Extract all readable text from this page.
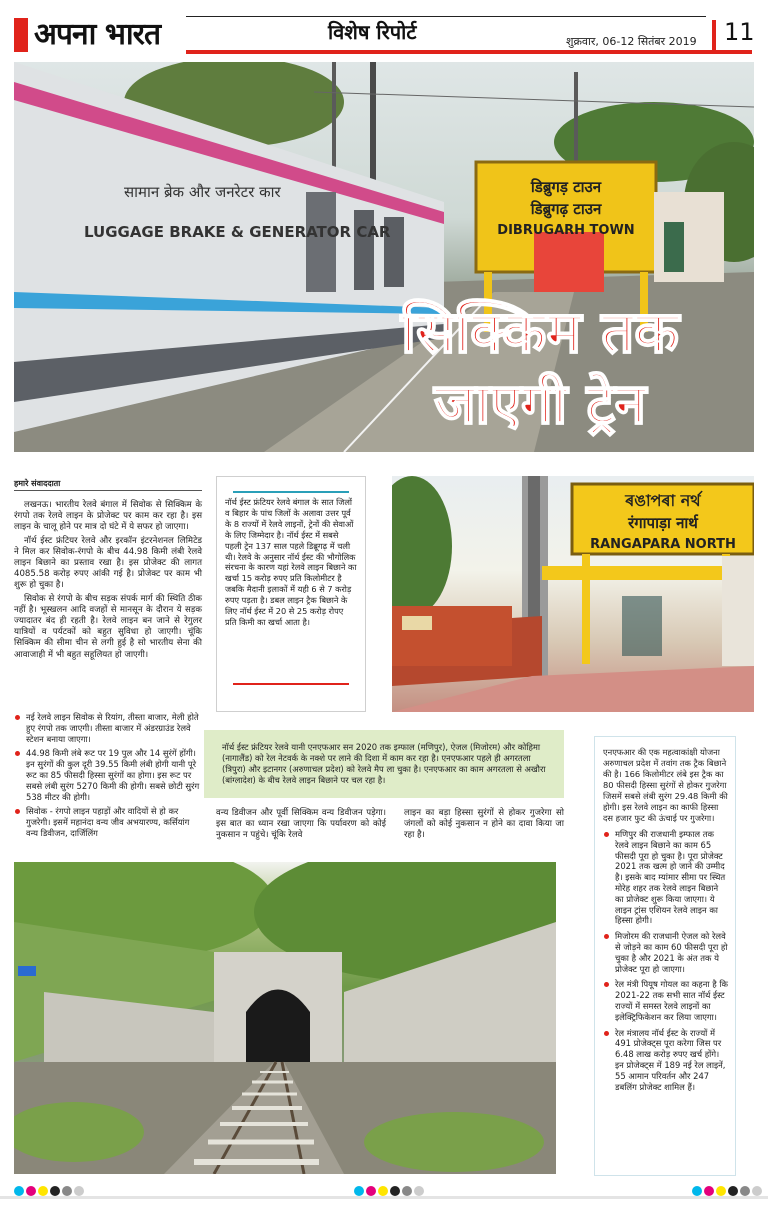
अपना भारत	विशेष रिपोर्ट	शुक्रवार, 06-12 सितंबर 2019 11
सामान ब्रेक और जनरेटर कार
LUGGAGE BRAKE & GENERATOR CAR
डिब्रुगड़ टाउन
डिब्रुगढ़ टाउन
DIBRUGARH TOWN
सिक्किम तक
जाएगी ट्रेन
हमारे संवाददाता

लखनऊ। भारतीय रेलवे बंगाल में सिवोक से सिक्किम के रंगपो तक रेलवे लाइन के प्रोजेक्ट पर काम कर रहा है। इस लाइन के चालू होने पर मात्र दो घंटे में ये सफर हो जाएगा।

नॉर्थ ईस्ट फ्रंटियर रेलवे और इरकॉन इंटरनेशनल लिमिटेड ने मिल कर सिवोक-रंगपो के बीच 44.98 किमी लंबी रेलवे लाइन बिछाने का प्रस्ताव रखा है। इस प्रोजेक्ट की लागत 4085.58 करोड़ रुपए आंकी गई है। प्रोजेक्ट पर काम भी शुरू हो चुका है।

सिवोक से रंगपो के बीच सड़क संपर्क मार्ग की स्थिति ठीक नहीं है। भूस्खलन आदि वजहों से मानसून के दौरान ये सड़क ज्यादातर बंद ही रहती है। रेलवे लाइन बन जाने से रेगुलर यात्रियों व पर्यटकों को बहुत सुविधा हो जाएगी। चूंकि सिक्किम की सीमा चीन से लगी हुई है सो भारतीय सेना की आवाजाही में भी बहुत सहूलियत हो जाएगी।

नई रेलवे लाइन सिवोक से रियांग, तीस्ता बाजार, मेली होते हुए रंगपो तक जाएगी। तीस्ता बाजार में अंडरग्राउंड रेलवे स्टेशन बनाया जाएगा।
44.98 किमी लंबे रूट पर 19 पुल और 14 सुरंगें होंगी। इन सुरंगों की कुल दूरी 39.55 किमी लंबी होगी यानी पूरे रूट का 85 फीसदी हिस्सा सुरंगों का होगा। इस रूट पर सबसे लंबी सुरंग 5270 किमी की होगी। सबसे छोटी सुरंग 538 मीटर की होगी।
सिवोक - रंगपो लाइन पहाड़ों और वादियों से हो कर गुजरेगी। इसमें महानंदा वन्य जीव अभयारण्य, कर्सियांग वन्य डिवीजन, दार्जिलिंग
नॉर्थ ईस्ट फ्रंटियर रेलवे बंगाल के सात जिलों व बिहार के पांच जिलों के अलावा उत्तर पूर्व के 8 राज्यों में रेलवे लाइनों, ट्रेनों की सेवाओं के लिए जिम्मेदार है। नॉर्थ ईस्ट में सबसे पहली ट्रेन 137 साल पहले डिब्रूगढ़ में चली थी। रेलवे के अनुसार नॉर्थ ईस्ट की भौगोलिक संरचना के कारण यहां रेलवे लाइन बिछाने का खर्चा 15 करोड़ रुपए प्रति किलोमीटर है जबकि मैदानी इलाकों में यही 6 से 7 करोड़ रुपए पड़ता है। डबल लाइन ट्रैक बिछाने के लिए नॉर्थ ईस्ट में 20 से 25 करोड़ रोपए प्रति किमी का खर्चा आता है।
ৰঙাপৰা নৰ্থ
रंगापाड़ा नार्थ
RANGAPARA NORTH
नॉर्थ ईस्ट फ्रंटियर रेलवे यानी एनएफआर सन 2020 तक इम्फाल (मणिपुर), ऐजल (मिजोरम) और कोहिमा (नागालैंड) को रेल नेटवर्क के नक्शे पर लाने की दिशा में काम कर रहा है। एनएफआर पहले ही अगरतला (त्रिपुरा) और इटानगर (अरुणाचल प्रदेश) को रेलवे मैप ला चुका है। एनएफआर का काम अगरतला से अखौरा (बांग्लादेश) के बीच रेलवे लाइन बिछाने पर चल रहा है।
वन्य डिवीजन और पूर्वी सिक्किम वन्य डिवीजन पड़ेगा। इस बात का ध्यान रखा जाएगा कि पर्यावरण को कोई नुकसान न पहुंचे। चूंकि रेलवे
लाइन का बड़ा हिस्सा सुरंगों से होकर गुजरेगा सो जंगलों को कोई नुकसान न होने का दावा किया जा रहा है।
एनएफआर की एक महत्वाकांक्षी योजना अरुणाचल प्रदेश में तवांग तक ट्रैक बिछाने की है। 166 किलोमीटर लंबे इस ट्रैक का 80 फीसदी हिस्सा सुरंगों से होकर गुजरेगा जिसमें सबसे लंबी सुरंग 29.48 किमी की होगी। इस रेलवे लाइन का काफी हिस्सा दस हजार फुट की ऊंचाई पर गुजरेगा।
मणिपुर की राजधानी इम्फाल तक रेलवे लाइन बिछाने का काम 65 फीसदी पूरा हो चुका है। पूरा प्रोजेक्ट 2021 तक खत्म हो जाने की उम्मीद है। इसके बाद म्यांमार सीमा पर स्थित मोरेह शहर तक रेलवे लाइन बिछाने का प्रोजेक्ट शुरू किया जाएगा। ये लाइन ट्रांस एशियन रेलवे लाइन का हिस्सा होगी।
मिजोरम की राजधानी ऐजल को रेलवे से जोड़ने का काम 60 फीसदी पूरा हो चुका है और 2021 के अंत तक ये प्रोजेक्ट पूरा हो जाएगा।
रेल मंत्री पियूष गोयल का कहना है कि 2021-22 तक सभी सात नॉर्थ ईस्ट राज्यों में समस्त रेलवे लाइनों का इलेक्ट्रिफिकेशन कर लिया जाएगा।
रेल मंत्रालय नॉर्थ ईस्ट के राज्यों में 491 प्रोजेक्ट्स पूरा करेगा जिस पर 6.48 लाख करोड़ रुपए खर्च होंगे। इन प्रोजेक्ट्स में 189 नई रेल लाइनें, 55 आमान परिवर्तन और 247 डबलिंग प्रोजेक्ट शामिल हैं।
